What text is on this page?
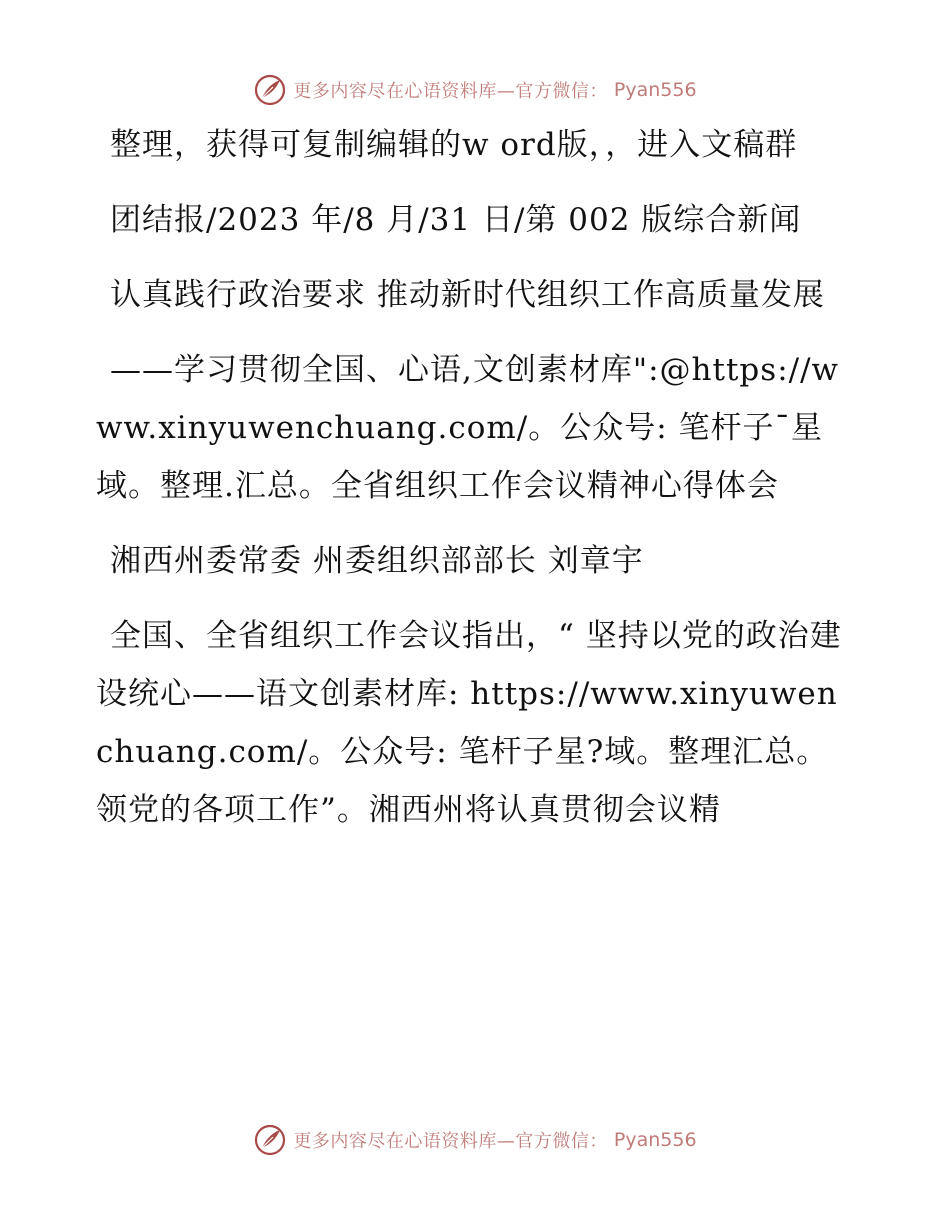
更多内容尽在心语资料库—官方微信： Pyan556

整理，获得可复制编辑的w ord版，，进入文稿群

团结报/2023 年/8 月/31 日/第 002 版综合新闻

认真践行政治要求 推动新时代组织工作高质量发展

——学习贯彻全国、心语,文创素材库":@https://www.xinyuwenchuang.com/。公众号: 笔杆子¯星域。整理.汇总。全省组织工作会议精神心得体会

湘西州委常委 州委组织部部长 刘章宇

全国、全省组织工作会议指出，“ 坚持以党的政治建设统心——语文创素材库: https://www.xinyuwenchuang.com/。公众号: 笔杆子星?域。整理汇总。领党的各项工作”。湘西州将认真贯彻会议精

更多内容尽在心语资料库—官方微信： Pyan556
